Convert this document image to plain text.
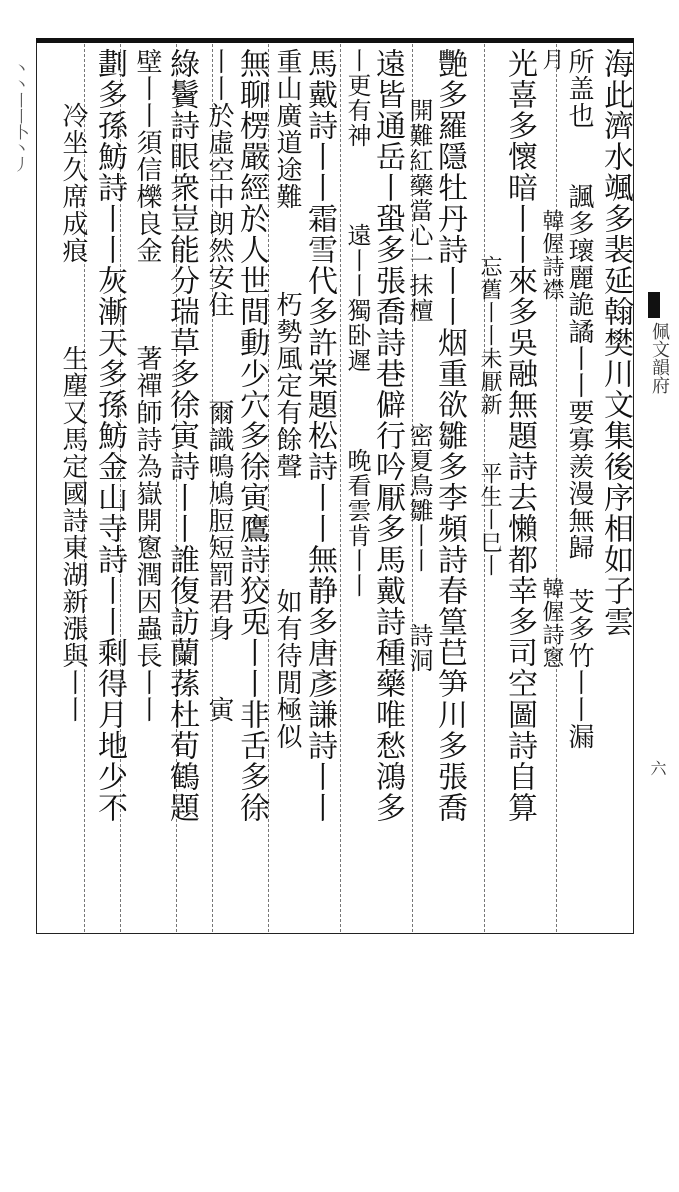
海此濟水颯多裴延翰樊川文集後序相如子雲
所盖也　　諷多瓌麗詭譎丨丨要寡羨漫無歸　芠多竹丨丨漏
月　　　　　　韓偓詩襟　　　　　　　　　　　　韓偓詩窻
光喜多懷暗丨丨來多吳融無題詩去懶都幸多司空圖詩自算
　　　　　　　　　忘舊丨丨未厭新　　平生丨巳丨
艷多羅隱牡丹詩丨丨烟重欲雛多李頻詩春篁𦬊笋川多張喬
　　開難紅藥當心一抹檀　　　　密夏鳥雛丨丨　　詩洞
遠皆通岳丨蛩多張喬詩巷僻行吟厭多馬戴詩種藥唯愁鴻多
丨更有神　　　遠丨丨獨卧遲　　　晚看雲肯丨丨
馬戴詩丨丨霜雪代多許棠題松詩丨丨無静多唐彥謙詩丨丨
重山廣道途難　　　朽勢風定有餘聲　　　　如有待閒極似
無聊楞嚴經於人世間動少穴多徐寅鷹詩狡兎丨丨非舌多徐
丨丨於虛空中朗然安住　　　爾識鳴鳩脰短罰君身　　寅
綠鬢詩眼衆豈能分瑞草多徐寅詩丨丨誰復訪蘭蓀杜荀鶴題
壁丨丨須信櫟良金　　　著禪師詩為嶽開窻潤因蟲長丨丨
劃多孫魴詩丨丨灰漸天多孫魴金山寺詩丨丨剩得月地少不
　　冷坐久席成痕　　　生塵又馬定國詩東湖新漲與丨丨	佩文韻府
六
丶丶丨丨卜丶丿
